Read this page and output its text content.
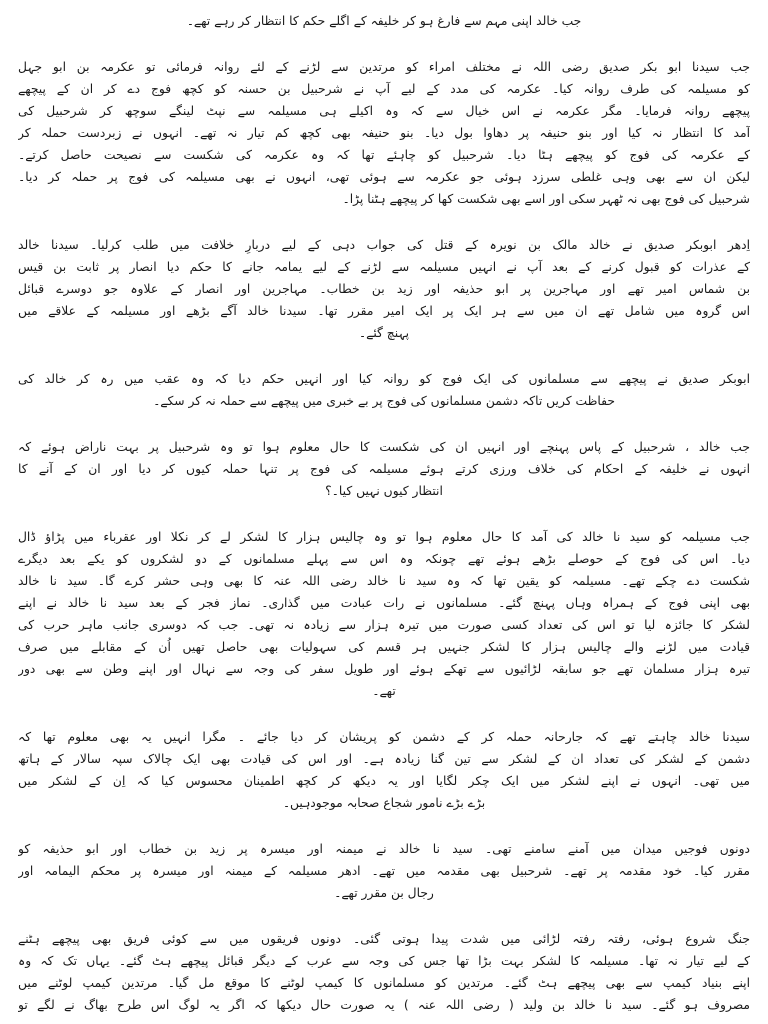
جب خالد اپنی مہم سے فارغ ہو کر خلیفہ کے اگلے حکم کا انتظار کر رہے تھے۔
جب سیدنا ابو بکر صدیق رضی اللہ نے مختلف امراء کو مرتدین سے لڑنے کے لئے روانہ فرمائی تو عکرمہ بن ابو جہل
کو مسیلمہ کی طرف روانہ کیا۔ عکرمہ کی مدد کے لیے آپ نے شرحبیل بن حسنہ کو کچھ فوج دے کر ان کے پیچھے
پیچھے روانہ فرمایا۔ مگر عکرمہ نے اس خیال سے کہ وہ اکیلے ہی مسیلمہ سے نپٹ لینگے سوچھ کر شرحبیل کی
آمد کا انتظار نہ کیا اور بنو حنیفہ پر دھاوا بول دیا۔ بنو حنیفہ بھی کچھ کم تیار نہ تھے۔ انہوں نے زبردست حملہ کر
کے عکرمہ کی فوج کو پیچھے ہٹا دیا۔ شرحبیل کو چاہئے تھا کہ وہ عکرمہ کی شکست سے نصیحت حاصل کرتے۔
لیکن ان سے بھی وہی غلطی سرزد ہوئی جو عکرمہ سے ہوئی تھی، انہوں نے بھی مسیلمہ کی فوج پر حملہ کر دیا۔
شرحبیل کی فوج بھی نہ ٹھہر سکی اور اسے بھی شکست کھا کر پیچھے ہٹنا پڑا۔
اِدھر ابوبکر صدیق نے خالد مالک بن نویرہ کے قتل کی جواب دہی کے لیے دربارِ خلافت میں طلب کرلیا۔ سیدنا خالد
کے عذرات کو قبول کرنے کے بعد آپ نے انہیں مسیلمہ سے لڑنے کے لیے یمامہ جانے کا حکم دیا انصار پر ثابت بن قیس
بن شماس امیر تھے اور مہاجرین پر ابو حذیفہ اور زید بن خطاب۔ مہاجرین اور انصار کے علاوہ جو دوسرے قبائل
اس گروہ میں شامل تھے ان میں سے ہر ایک پر ایک امیر مقرر تھا۔ سیدنا خالد آگے بڑھے اور مسیلمہ کے علاقے میں
پہنچ گئے۔
ابوبکر صدیق نے پیچھے سے مسلمانوں کی ایک فوج کو روانہ کیا اور انہیں حکم دیا کہ وہ عقب میں رہ کر خالد کی
حفاظت کریں تاکہ دشمن مسلمانوں کی فوج پر بے خبری میں پیچھے سے حملہ نہ کر سکے۔
جب خالد ، شرحبیل کے پاس پہنچے اور انہیں ان کی شکست کا حال معلوم ہوا تو وہ شرحبیل پر بہت ناراض ہوئے کہ
انہوں نے خلیفہ کے احکام کی خلاف ورزی کرتے ہوئے مسیلمہ کی فوج پر تنہا حملہ کیوں کر دیا اور ان کے آنے کا
انتظار کیوں نہیں کیا۔؟
جب مسیلمہ کو سید نا خالد کی آمد کا حال معلوم ہوا تو وہ چالیس ہزار کا لشکر لے کر نکلا اور عقرباء میں پڑاؤ ڈال
دیا۔ اس کی فوج کے حوصلے بڑھے ہوئے تھے چونکہ وہ اس سے پہلے مسلمانوں کے دو لشکروں کو یکے بعد دیگرے
شکست دے چکے تھے۔ مسیلمہ کو یقین تھا کہ وہ سید نا خالد رضی اللہ عنہ کا بھی وہی حشر کرے گا۔ سید نا خالد
بھی اپنی فوج کے ہمراہ وہاں پہنچ گئے۔ مسلمانوں نے رات عبادت میں گذاری۔ نماز فجر کے بعد سید نا خالد نے اپنے
لشکر کا جائزہ لیا تو اس کی تعداد کسی صورت میں تیرہ ہزار سے زیادہ نہ تھی۔ جب کہ دوسری جانب ماہر حرب کی
قیادت میں لڑنے والے چالیس ہزار کا لشکر جنہیں ہر قسم کی سہولیات بھی حاصل تھیں اُن کے مقابلے میں صرف
تیرہ ہزار مسلمان تھے جو سابقہ لڑائیوں سے تھکے ہوئے اور طویل سفر کی وجہ سے نہال اور اپنے وطن سے بھی دور
تھے۔
سیدنا خالد چاہتے تھے کہ جارحانہ حملہ کر کے دشمن کو پریشان کر دیا جائے ۔ مگرا انہیں یہ بھی معلوم تھا کہ
دشمن کے لشکر کی تعداد ان کے لشکر سے تین گنا زیادہ ہے۔ اور اس کی قیادت بھی ایک چالاک سپہ سالار کے ہاتھ
میں تھی۔ انہوں نے اپنے لشکر میں ایک چکر لگایا اور یہ دیکھ کر کچھ اطمینان محسوس کیا کہ اِن کے لشکر میں
بڑے بڑے نامور شجاع صحابہ موجودہیں۔
دونوں فوجیں میدان میں آمنے سامنے تھی۔ سید نا خالد نے میمنہ اور میسرہ پر زید بن خطاب اور ابو حذیفہ کو
مقرر کیا۔ خود مقدمہ پر تھے۔ شرحبیل بھی مقدمہ میں تھے۔ ادھر مسیلمہ کے میمنہ اور میسرہ پر محکم الیمامہ اور
رجال بن مقرر تھے۔
جنگ شروع ہوئی، رفتہ رفتہ لڑائی میں شدت پیدا ہوتی گئی۔ دونوں فریقوں میں سے کوئی فریق بھی پیچھے ہٹنے
کے لیے تیار نہ تھا۔ مسیلمہ کا لشکر بہت بڑا تھا جس کی وجہ سے عرب کے دیگر قبائل پیچھے ہٹ گئے۔ یہاں تک کہ وہ
اپنے بنیاد کیمپ سے بھی پیچھے ہٹ گئے۔ مرتدین کو مسلمانوں کا کیمپ لوٹنے کا موقع مل گیا۔ مرتدین کیمپ لوٹنے میں
مصروف ہو گئے۔ سید نا خالد بن ولید ( رضی اللہ عنہ ) یہ صورت حال دیکھا کہ اگر یہ لوگ اس طرح بھاگ نے لگے تو
